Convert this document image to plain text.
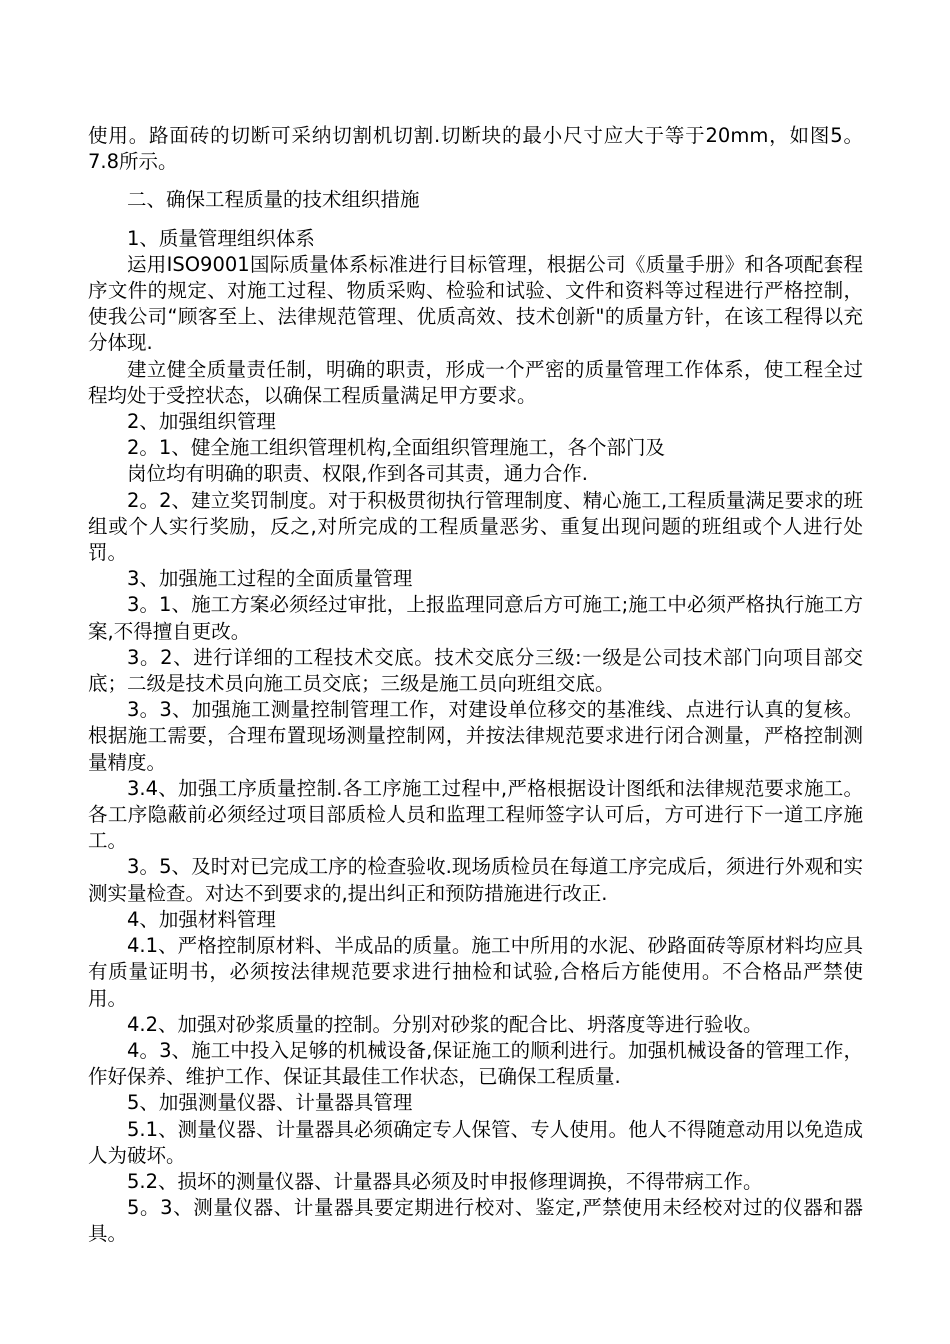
使用。路面砖的切断可采纳切割机切割.切断块的最小尺寸应大于等于20mm，如图5。7.8所示。

二、确保工程质量的技术组织措施

1、质量管理组织体系

运用ISO9001国际质量体系标准进行目标管理，根据公司《质量手册》和各项配套程序文件的规定、对施工过程、物质采购、检验和试验、文件和资料等过程进行严格控制，使我公司“顾客至上、法律规范管理、优质高效、技术创新"的质量方针，在该工程得以充分体现.

建立健全质量责任制，明确的职责，形成一个严密的质量管理工作体系，使工程全过程均处于受控状态，以确保工程质量满足甲方要求。

2、加强组织管理

2。1、健全施工组织管理机构,全面组织管理施工，各个部门及

岗位均有明确的职责、权限,作到各司其责，通力合作.

2。2、建立奖罚制度。对于积极贯彻执行管理制度、精心施工,工程质量满足要求的班组或个人实行奖励，反之,对所完成的工程质量恶劣、重复出现问题的班组或个人进行处罚。

3、加强施工过程的全面质量管理

3。1、施工方案必须经过审批，上报监理同意后方可施工;施工中必须严格执行施工方案,不得擅自更改。

3。2、进行详细的工程技术交底。技术交底分三级:一级是公司技术部门向项目部交底；二级是技术员向施工员交底；三级是施工员向班组交底。

3。3、加强施工测量控制管理工作，对建设单位移交的基准线、点进行认真的复核。根据施工需要，合理布置现场测量控制网，并按法律规范要求进行闭合测量，严格控制测量精度。

3.4、加强工序质量控制.各工序施工过程中,严格根据设计图纸和法律规范要求施工。各工序隐蔽前必须经过项目部质检人员和监理工程师签字认可后，方可进行下一道工序施工。

3。5、及时对已完成工序的检查验收.现场质检员在每道工序完成后，须进行外观和实测实量检查。对达不到要求的,提出纠正和预防措施进行改正.

4、加强材料管理

4.1、严格控制原材料、半成品的质量。施工中所用的水泥、砂路面砖等原材料均应具有质量证明书，必须按法律规范要求进行抽检和试验,合格后方能使用。不合格品严禁使用。

4.2、加强对砂浆质量的控制。分别对砂浆的配合比、坍落度等进行验收。

4。3、施工中投入足够的机械设备,保证施工的顺利进行。加强机械设备的管理工作，作好保养、维护工作、保证其最佳工作状态，已确保工程质量.

5、加强测量仪器、计量器具管理

5.1、测量仪器、计量器具必须确定专人保管、专人使用。他人不得随意动用以免造成人为破坏。

5.2、损坏的测量仪器、计量器具必须及时申报修理调换，不得带病工作。

5。3、测量仪器、计量器具要定期进行校对、鉴定,严禁使用未经校对过的仪器和器具。
